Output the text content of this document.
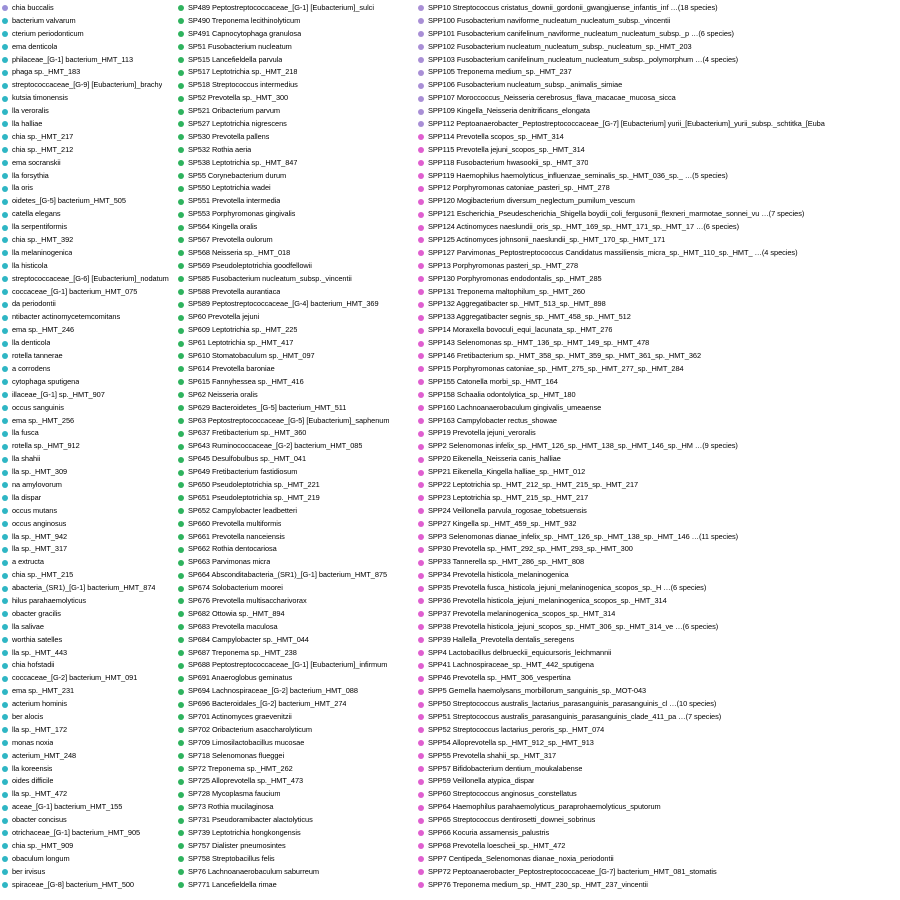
chia buccalis
bacterium valvarum
cterium periodonticum
ema denticola
philaceae_[G-1] bacterium_HMT_113
phaga sp._HMT_183
streptococcaceae_[G-9] [Eubacterium]_brachy
kutsia timonensis
lla veroralis
lla halliae
chia sp._HMT_217
chia sp._HMT_212
ema socranskii
lla forsythia
lla oris
oidetes_[G-5] bacterium_HMT_505
catella elegans
lla serpentiformis
chia sp._HMT_392
lla melaninogenica
lla histicola
streptococcaceae_[G-6] [Eubacterium]_nodatum
coccaceae_[G-1] bacterium_HMT_075
da periodontii
ntibacter actinomycetemcomitans
ema sp._HMT_246
lla denticola
rotella tannerae
a corrodens
cytophaga sputigena
illaceae_[G-1] sp._HMT_907
occus sanguinis
ema sp._HMT_256
lla fusca
rotella sp._HMT_912
lla shahii
lla sp._HMT_309
na amylovorum
lla dispar
occus mutans
occus anginosus
lla sp._HMT_942
lla sp._HMT_317
a extructa
chia sp._HMT_215
abacteria_(SR1)_[G-1] bacterium_HMT_874
hilus parahaemolyticus
obacter gracilis
lla salivae
worthia satelles
lla sp._HMT_443
chia hofstadii
coccaceae_[G-2] bacterium_HMT_091
ema sp._HMT_231
acterium hominis
ber alocis
lla sp._HMT_172
monas noxia
acterium_HMT_248
lla koreensis
oides difficile
lla sp._HMT_472
aceae_[G-1] bacterium_HMT_155
obacter concisus
otrichaceae_[G-1] bacterium_HMT_905
chia sp._HMT_909
obaculum longum
ber irvisus
spiraceae_[G-8] bacterium_HMT_500
SP489 Peptostreptococcaceae_[G-1] [Eubacterium]_sulci
SP490 Treponema lecithinolyticum
SP491 Capnocytophaga granulosa
SP51 Fusobacterium nucleatum
SP515 Lancefieldella parvula
SP517 Leptotrichia sp._HMT_218
SP518 Streptococcus intermedius
SP52 Prevotella sp._HMT_300
SP521 Oribacterium parvum
SP527 Leptotrichia nigrescens
SP530 Prevotella pallens
SP532 Rothia aeria
SP538 Leptotrichia sp._HMT_847
SP55 Corynebacterium durum
SP550 Leptotrichia wadei
SP551 Prevotella intermedia
SP553 Porphyromonas gingivalis
SP564 Kingella oralis
SP567 Prevotella oulorum
SP568 Neisseria sp._HMT_018
SP569 Pseudoleptotrichia goodfellowii
SP585 Fusobacterium nucleatum_subsp._vincentii
SP588 Prevotella aurantiaca
SP589 Peptostreptococcaceae_[G-4] bacterium_HMT_369
SP60 Prevotella jejuni
SP609 Leptotrichia sp._HMT_225
SP61 Leptotrichia sp._HMT_417
SP610 Stomatobaculum sp._HMT_097
SP614 Prevotella baroniae
SP615 Fannyhessea sp._HMT_416
SP62 Neisseria oralis
SP629 Bacteroidetes_[G-5] bacterium_HMT_511
SP63 Peptostreptococcaceae_[G-5] [Eubacterium]_saphenum
SP637 Fretibacterium sp._HMT_360
SP643 Ruminococcaceae_[G-2] bacterium_HMT_085
SP645 Desulfobulbus sp._HMT_041
SP649 Fretibacterium fastidiosum
SP650 Pseudoleptotrichia sp._HMT_221
SP651 Pseudoleptotrichia sp._HMT_219
SP652 Campylobacter leadbetteri
SP660 Prevotella multiformis
SP661 Prevotella nanceiensis
SP662 Rothia dentocariosa
SP663 Parvimonas micra
SP664 Absconditabacteria_(SR1)_[G-1] bacterium_HMT_875
SP674 Solobacterium moorei
SP676 Prevotella multisaccharivorax
SP682 Ottowia sp._HMT_894
SP683 Prevotella maculosa
SP684 Campylobacter sp._HMT_044
SP687 Treponema sp._HMT_238
SP688 Peptostreptococcaceae_[G-1] [Eubacterium]_infirmum
SP691 Anaeroglobus geminatus
SP694 Lachnospiraceae_[G-2] bacterium_HMT_088
SP696 Bacteroidales_[G-2] bacterium_HMT_274
SP701 Actinomyces graevenitzii
SP702 Oribacterium asaccharolyticum
SP709 Limosilactobacillus mucosae
SP718 Selenomonas flueggei
SP72 Treponema sp._HMT_262
SP725 Alloprevotella sp._HMT_473
SP728 Mycoplasma faucium
SP73 Rothia mucilaginosa
SP731 Pseudoramibacter alactolyticus
SP739 Leptotrichia hongkongensis
SP757 Dialister pneumosintes
SP758 Streptobacillus felis
SP76 Lachnoanaerobaculum saburreum
SP771 Lancefieldella rimae
SPP10 Streptococcus cristatus_downii_gordonii_gwangjuense_infantis_inf …(18 species)
SPP100 Fusobacterium naviforme_nucleatum_nucleatum_subsp._vincentii
SPP101 Fusobacterium canifelinum_naviforme_nucleatum_nucleatum_subsp._p …(6 species)
SPP102 Fusobacterium nucleatum_nucleatum_subsp._nucleatum_sp._HMT_203
SPP103 Fusobacterium canifelinum_nucleatum_nucleatum_subsp._polymorphum …(4 species)
SPP105 Treponema medium_sp._HMT_237
SPP106 Fusobacterium nucleatum_subsp._animalis_simiae
SPP107 Moroccoccus_Neisseria cerebrosus_flava_macacae_mucosa_sicca
SPP109 Kingella_Neisseria denitrificans_elongata
SPP112 Peptoanaerobacter_Peptostreptococcaceae_[G-7] [Eubacterium] yurii_[Eubacterium]_yurii_subsp._schtitka_[Euba
SPP114 Prevotella scopos_sp._HMT_314
SPP115 Prevotella jejuni_scopos_sp._HMT_314
SPP118 Fusobacterium hwasookii_sp._HMT_370
SPP119 Haemophilus haemolyticus_influenzae_seminalis_sp._HMT_036_sp._ …(5 species)
SPP12 Porphyromonas catoniae_pasteri_sp._HMT_278
SPP120 Mogibacterium diversum_neglectum_pumilum_vescum
SPP121 Escherichia_Pseudescherichia_Shigella boydii_coli_fergusonii_flexneri_marmotae_sonnei_vu …(7 species)
SPP124 Actinomyces naeslundii_oris_sp._HMT_169_sp._HMT_171_sp._HMT_17 …(6 species)
SPP125 Actinomyces johnsonii_naeslundii_sp._HMT_170_sp._HMT_171
SPP127 Parvimonas_Peptostreptococcus Candidatus massiliensis_micra_sp._HMT_110_sp._HMT_ …(4 species)
SPP13 Porphyromonas pasteri_sp._HMT_278
SPP130 Porphyromonas endodontalis_sp._HMT_285
SPP131 Treponema maltophilum_sp._HMT_260
SPP132 Aggregatibacter sp._HMT_513_sp._HMT_898
SPP133 Aggregatibacter segnis_sp._HMT_458_sp._HMT_512
SPP14 Moraxella bovoculi_equi_lacunata_sp._HMT_276
SPP143 Selenomonas sp._HMT_136_sp._HMT_149_sp._HMT_478
SPP146 Fretibacterium sp._HMT_358_sp._HMT_359_sp._HMT_361_sp._HMT_362
SPP15 Porphyromonas catoniae_sp._HMT_275_sp._HMT_277_sp._HMT_284
SPP155 Catonella morbi_sp._HMT_164
SPP158 Schaalia odontolytica_sp._HMT_180
SPP160 Lachnoanaerobaculum gingivalis_umeaense
SPP163 Campylobacter rectus_showae
SPP19 Prevotella jejuni_veroralis
SPP2 Selenomonas infelix_sp._HMT_126_sp._HMT_138_sp._HMT_146_sp._HM …(9 species)
SPP20 Eikenella_Neisseria canis_halliae
SPP21 Eikenella_Kingella halliae_sp._HMT_012
SPP22 Leptotrichia sp._HMT_212_sp._HMT_215_sp._HMT_217
SPP23 Leptotrichia sp._HMT_215_sp._HMT_217
SPP24 Veillonella parvula_rogosae_tobetsuensis
SPP27 Kingella sp._HMT_459_sp._HMT_932
SPP3 Selenomonas dianae_infelix_sp._HMT_126_sp._HMT_138_sp._HMT_146 …(11 species)
SPP30 Prevotella sp._HMT_292_sp._HMT_293_sp._HMT_300
SPP33 Tannerella sp._HMT_286_sp._HMT_808
SPP34 Prevotella histicola_melaninogenica
SPP35 Prevotella fusca_histicola_jejuni_melaninogenica_scopos_sp._H …(6 species)
SPP36 Prevotella histicola_jejuni_melaninogenica_scopos_sp._HMT_314
SPP37 Prevotella melaninogenica_scopos_sp._HMT_314
SPP38 Prevotella histicola_jejuni_scopos_sp._HMT_306_sp._HMT_314_ve …(6 species)
SPP39 Hallella_Prevotella dentalis_seregens
SPP4 Lactobacillus delbrueckii_equicursoris_leichmannii
SPP41 Lachnospiraceae_sp._HMT_442_sputigena
SPP46 Prevotella sp._HMT_306_vespertina
SPP5 Gemella haemolysans_morbillorum_sanguinis_sp._MOT-043
SPP50 Streptococcus australis_lactarius_parasanguinis_parasanguinis_cl …(10 species)
SPP51 Streptococcus australis_parasanguinis_parasanguinis_clade_411_pa …(7 species)
SPP52 Streptococcus lactarius_peroris_sp._HMT_074
SPP54 Alloprevotella sp._HMT_912_sp._HMT_913
SPP55 Prevotella shahii_sp._HMT_317
SPP57 Bifidobacterium dentium_moukalabense
SPP59 Veillonella atypica_dispar
SPP60 Streptococcus anginosus_constellatus
SPP64 Haemophilus parahaemolyticus_paraprohaemolyticus_sputorum
SPP65 Streptococcus dentirosetti_downei_sobrinus
SPP66 Kocuria assamensis_palustris
SPP68 Prevotella loescheii_sp._HMT_472
SPP7 Centipeda_Selenomonas dianae_noxia_periodontii
SPP72 Peptoanaerobacter_Peptostreptococcaceae_[G-7] bacterium_HMT_081_stomatis
SPP76 Treponema medium_sp._HMT_230_sp._HMT_237_vincentii
